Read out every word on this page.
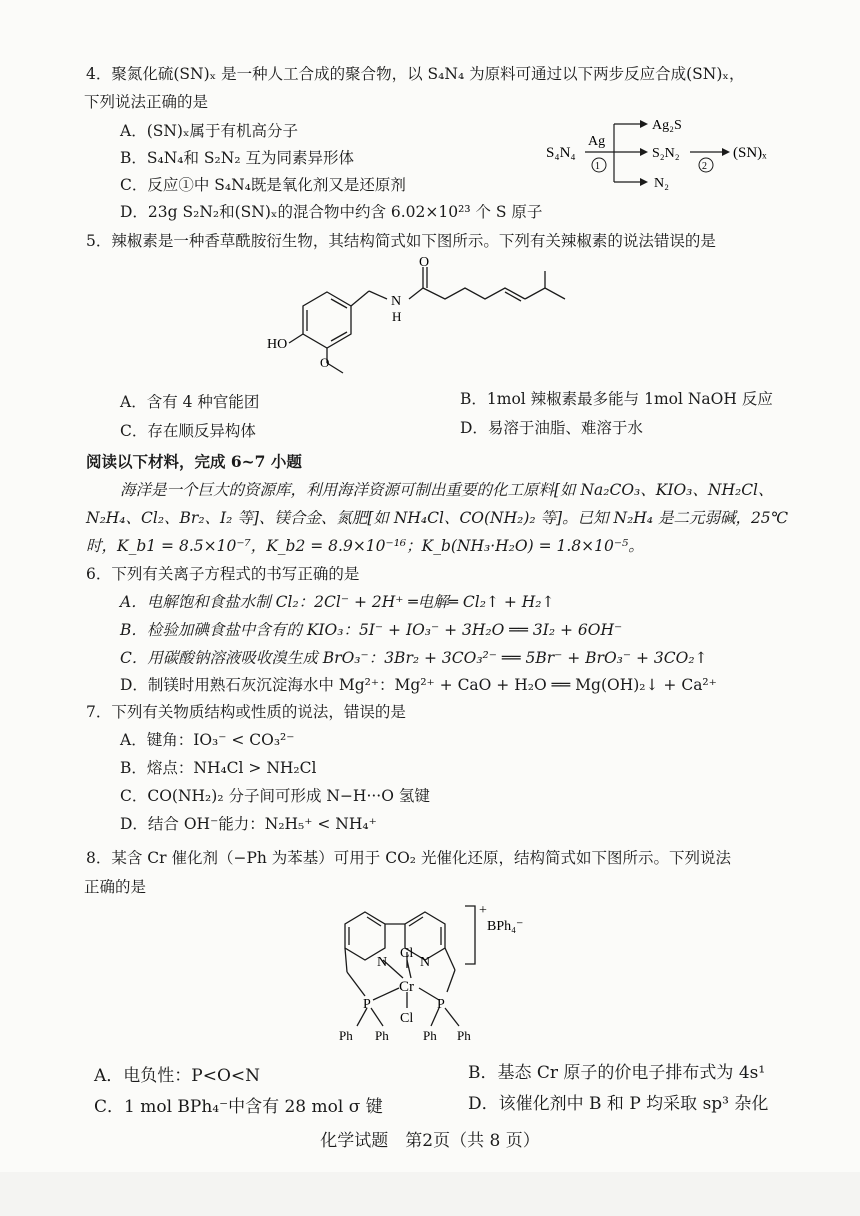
4．聚氮化硫(SN)ₓ 是一种人工合成的聚合物，以 S₄N₄ 为原料可通过以下两步反应合成(SN)ₓ，
下列说法正确的是
A．(SN)ₓ属于有机高分子
B．S₄N₄和 S₂N₂ 互为同素异形体
C．反应①中 S₄N₄既是氧化剂又是还原剂
D．23g S₂N₂和(SN)ₓ的混合物中约含 6.02×10²³ 个 S 原子
S₄N₄
Ag
1
Ag₂S
S₂N₂
N₂
2
(SN)ₓ
5．辣椒素是一种香草酰胺衍生物，其结构简式如下图所示。下列有关辣椒素的说法错误的是
O
N
H
HO
O
A．含有 4 种官能团	B．1mol 辣椒素最多能与 1mol NaOH 反应
C．存在顺反异构体	D．易溶于油脂、难溶于水
阅读以下材料，完成 6~7 小题
海洋是一个巨大的资源库，利用海洋资源可制出重要的化工原料[如 Na₂CO₃、KIO₃、NH₂Cl、
N₂H₄、Cl₂、Br₂、I₂ 等]、镁合金、氮肥[如 NH₄Cl、CO(NH₂)₂ 等]。已知 N₂H₄ 是二元弱碱，25℃
时，K_b1 = 8.5×10⁻⁷，K_b2 = 8.9×10⁻¹⁶；K_b(NH₃·H₂O) = 1.8×10⁻⁵。
6．下列有关离子方程式的书写正确的是
A．电解饱和食盐水制 Cl₂：2Cl⁻ + 2H⁺ ═电解═ Cl₂↑ + H₂↑
B．检验加碘食盐中含有的 KIO₃：5I⁻ + IO₃⁻ + 3H₂O ══ 3I₂ + 6OH⁻
C．用碳酸钠溶液吸收溴生成 BrO₃⁻：3Br₂ + 3CO₃²⁻ ══ 5Br⁻ + BrO₃⁻ + 3CO₂↑
D．制镁时用熟石灰沉淀海水中 Mg²⁺：Mg²⁺ + CaO + H₂O ══ Mg(OH)₂↓ + Ca²⁺
7．下列有关物质结构或性质的说法，错误的是
A．键角：IO₃⁻ < CO₃²⁻
B．熔点：NH₄Cl > NH₂Cl
C．CO(NH₂)₂ 分子间可形成 N−H···O 氢键
D．结合 OH⁻能力：N₂H₅⁺ < NH₄⁺
8．某含 Cr 催化剂（−Ph 为苯基）可用于 CO₂ 光催化还原，结构简式如下图所示。下列说法
正确的是
+
BPh₄⁻
N N
Cl
Cr
Cl
P	P
Ph Ph	Ph Ph
A．电负性：P<O<N	B．基态 Cr 原子的价电子排布式为 4s¹
C．1 mol BPh₄⁻中含有 28 mol σ 键	D．该催化剂中 B 和 P 均采取 sp³ 杂化
化学试题　第2页（共 8 页）
